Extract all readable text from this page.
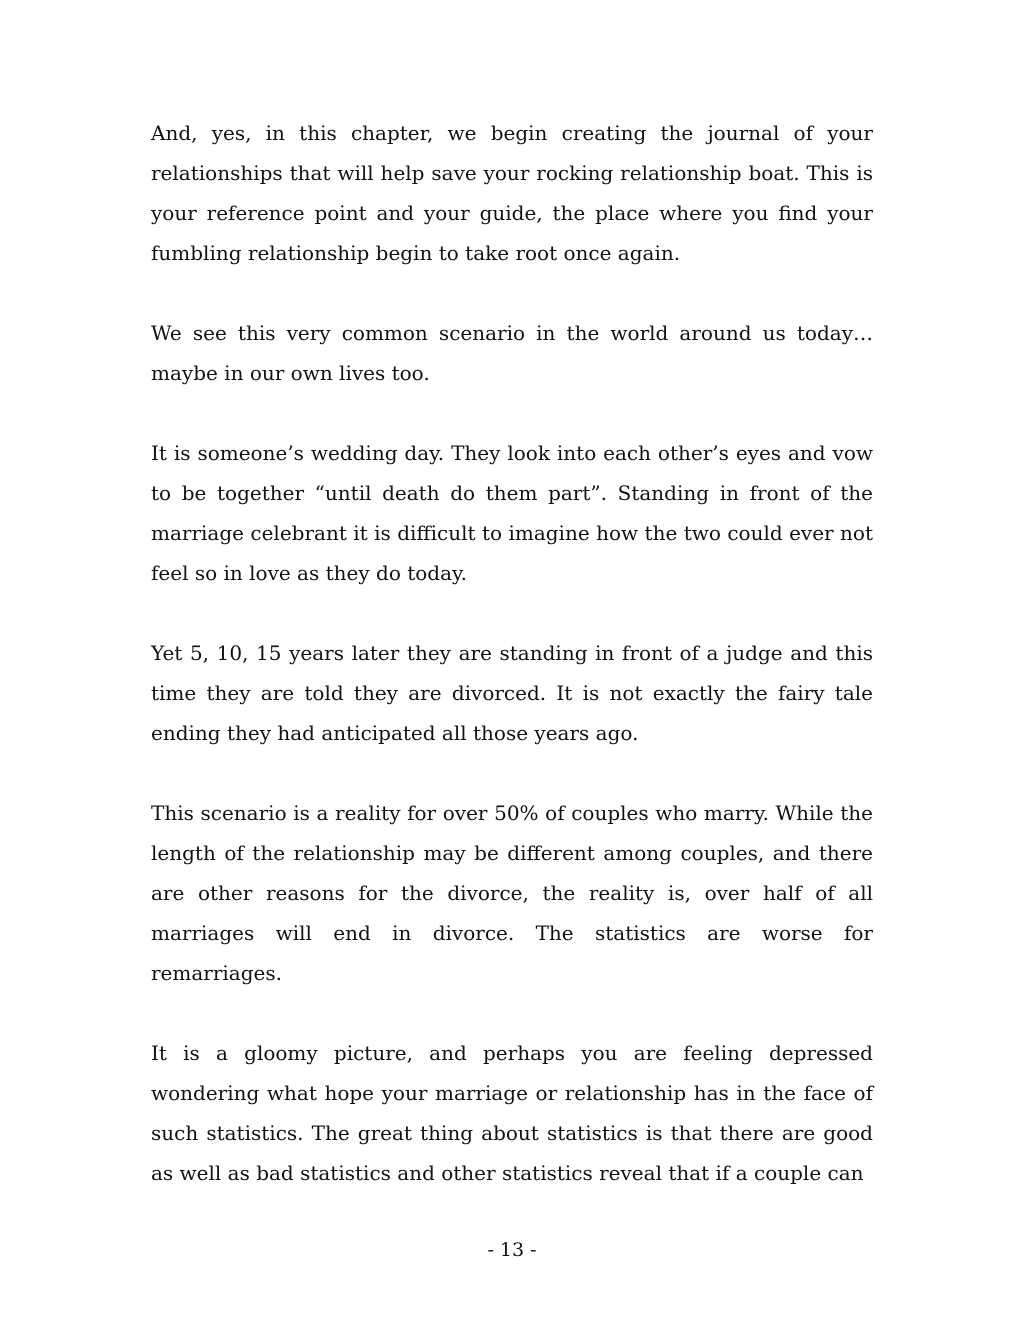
And, yes, in this chapter, we begin creating the journal of your relationships that will help save your rocking relationship boat. This is your reference point and your guide, the place where you find your fumbling relationship begin to take root once again.

We see this very common scenario in the world around us today… maybe in our own lives too.

It is someone’s wedding day. They look into each other’s eyes and vow to be together “until death do them part”. Standing in front of the marriage celebrant it is difficult to imagine how the two could ever not feel so in love as they do today.

Yet 5, 10, 15 years later they are standing in front of a judge and this time they are told they are divorced. It is not exactly the fairy tale ending they had anticipated all those years ago.

This scenario is a reality for over 50% of couples who marry. While the length of the relationship may be different among couples, and there are other reasons for the divorce, the reality is, over half of all marriages will end in divorce. The statistics are worse for remarriages.

It is a gloomy picture, and perhaps you are feeling depressed wondering what hope your marriage or relationship has in the face of such statistics. The great thing about statistics is that there are good as well as bad statistics and other statistics reveal that if a couple can

- 13 -
